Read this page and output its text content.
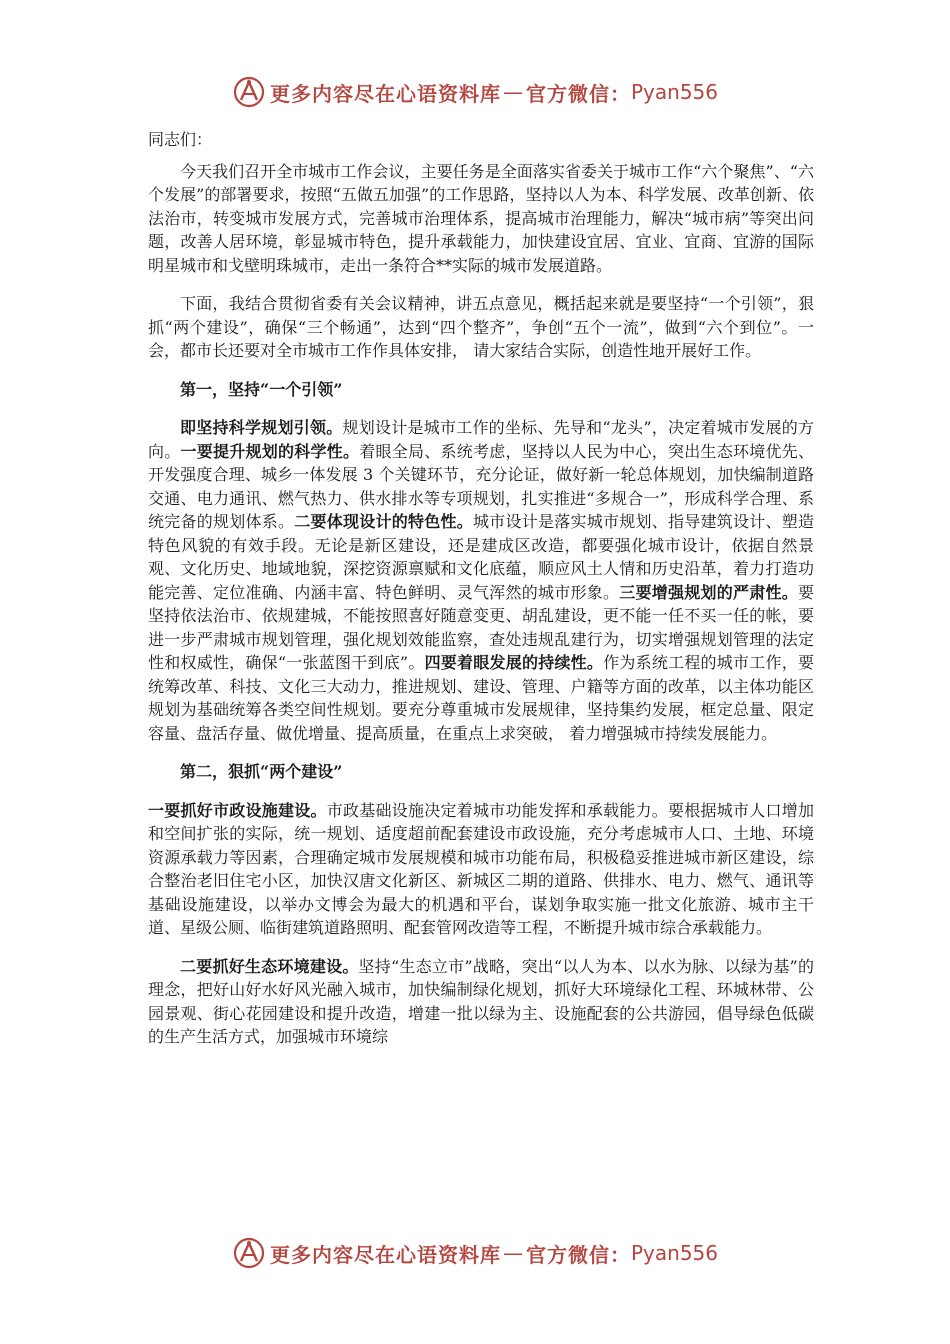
更多内容尽在心语资料库 — 官方微信： Pyan556

同志们：

今天我们召开全市城市工作会议，主要任务是全面落实省委关于城市工作“六个聚焦”、“六个发展”的部署要求，按照“五做五加强”的工作思路，坚持以人为本、科学发展、改革创新、依法治市，转变城市发展方式，完善城市治理体系，提高城市治理能力，解决“城市病”等突出问题，改善人居环境，彰显城市特色，提升承载能力，加快建设宜居、宜业、宜商、宜游的国际明星城市和戈壁明珠城市，走出一条符合**实际的城市发展道路。

下面，我结合贯彻省委有关会议精神，讲五点意见，概括起来就是要坚持“一个引领”，狠抓“两个建设”，确保“三个畅通”，达到“四个整齐”，争创“五个一流”，做到“六个到位”。一会，都市长还要对全市城市工作作具体安排， 请大家结合实际，创造性地开展好工作。

第一，坚持“一个引领”

即坚持科学规划引领。规划设计是城市工作的坐标、先导和“龙头”，决定着城市发展的方向。一要提升规划的科学性。着眼全局、系统考虑，坚持以人民为中心，突出生态环境优先、开发强度合理、城乡一体发展 3 个关键环节，充分论证，做好新一轮总体规划，加快编制道路交通、电力通讯、燃气热力、供水排水等专项规划，扎实推进“多规合一”，形成科学合理、系统完备的规划体系。二要体现设计的特色性。城市设计是落实城市规划、指导建筑设计、塑造特色风貌的有效手段。无论是新区建设，还是建成区改造，都要强化城市设计，依据自然景观、文化历史、地域地貌，深挖资源禀赋和文化底蕴，顺应风土人情和历史沿革，着力打造功能完善、定位准确、内涵丰富、特色鲜明、灵气浑然的城市形象。三要增强规划的严肃性。要坚持依法治市、依规建城，不能按照喜好随意变更、胡乱建设，更不能一任不买一任的帐，要进一步严肃城市规划管理，强化规划效能监察，查处违规乱建行为，切实增强规划管理的法定性和权威性，确保“一张蓝图干到底”。四要着眼发展的持续性。作为系统工程的城市工作，要统筹改革、科技、文化三大动力，推进规划、建设、管理、户籍等方面的改革，以主体功能区规划为基础统筹各类空间性规划。要充分尊重城市发展规律，坚持集约发展，框定总量、限定容量、盘活存量、做优增量、提高质量，在重点上求突破， 着力增强城市持续发展能力。

第二，狠抓“两个建设”

一要抓好市政设施建设。市政基础设施决定着城市功能发挥和承载能力。要根据城市人口增加和空间扩张的实际，统一规划、适度超前配套建设市政设施，充分考虑城市人口、土地、环境资源承载力等因素，合理确定城市发展规模和城市功能布局，积极稳妥推进城市新区建设，综合整治老旧住宅小区，加快汉唐文化新区、新城区二期的道路、供排水、电力、燃气、通讯等基础设施建设，以举办文博会为最大的机遇和平台，谋划争取实施一批文化旅游、城市主干道、星级公厕、临街建筑道路照明、配套管网改造等工程，不断提升城市综合承载能力。

二要抓好生态环境建设。坚持“生态立市”战略，突出“以人为本、以水为脉、以绿为基”的理念，把好山好水好风光融入城市，加快编制绿化规划，抓好大环境绿化工程、环城林带、公园景观、街心花园建设和提升改造，增建一批以绿为主、设施配套的公共游园，倡导绿色低碳的生产生活方式，加强城市环境综

更多内容尽在心语资料库 — 官方微信： Pyan556
